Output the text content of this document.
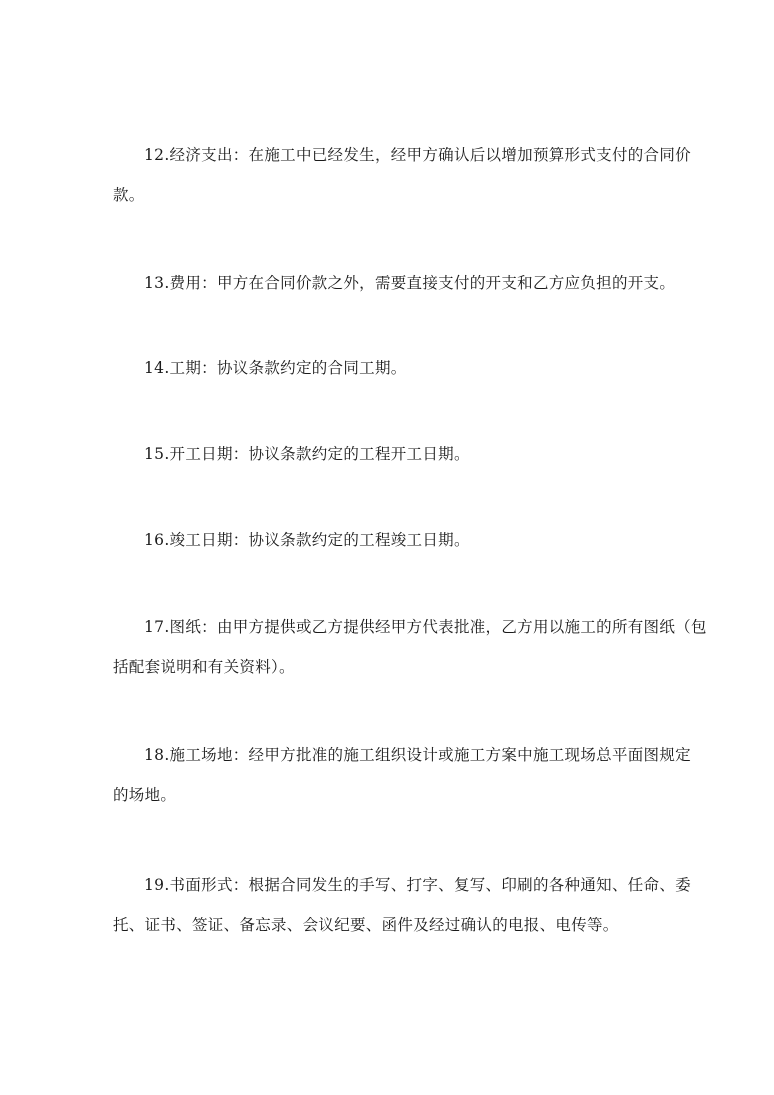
12.经济支出：在施工中已经发生，经甲方确认后以增加预算形式支付的合同价
款。
13.费用：甲方在合同价款之外，需要直接支付的开支和乙方应负担的开支。
14.工期：协议条款约定的合同工期。
15.开工日期：协议条款约定的工程开工日期。
16.竣工日期：协议条款约定的工程竣工日期。
17.图纸：由甲方提供或乙方提供经甲方代表批准，乙方用以施工的所有图纸（包
括配套说明和有关资料）。
18.施工场地：经甲方批准的施工组织设计或施工方案中施工现场总平面图规定
的场地。
19.书面形式：根据合同发生的手写、打字、复写、印刷的各种通知、任命、委
托、证书、签证、备忘录、会议纪要、函件及经过确认的电报、电传等。
